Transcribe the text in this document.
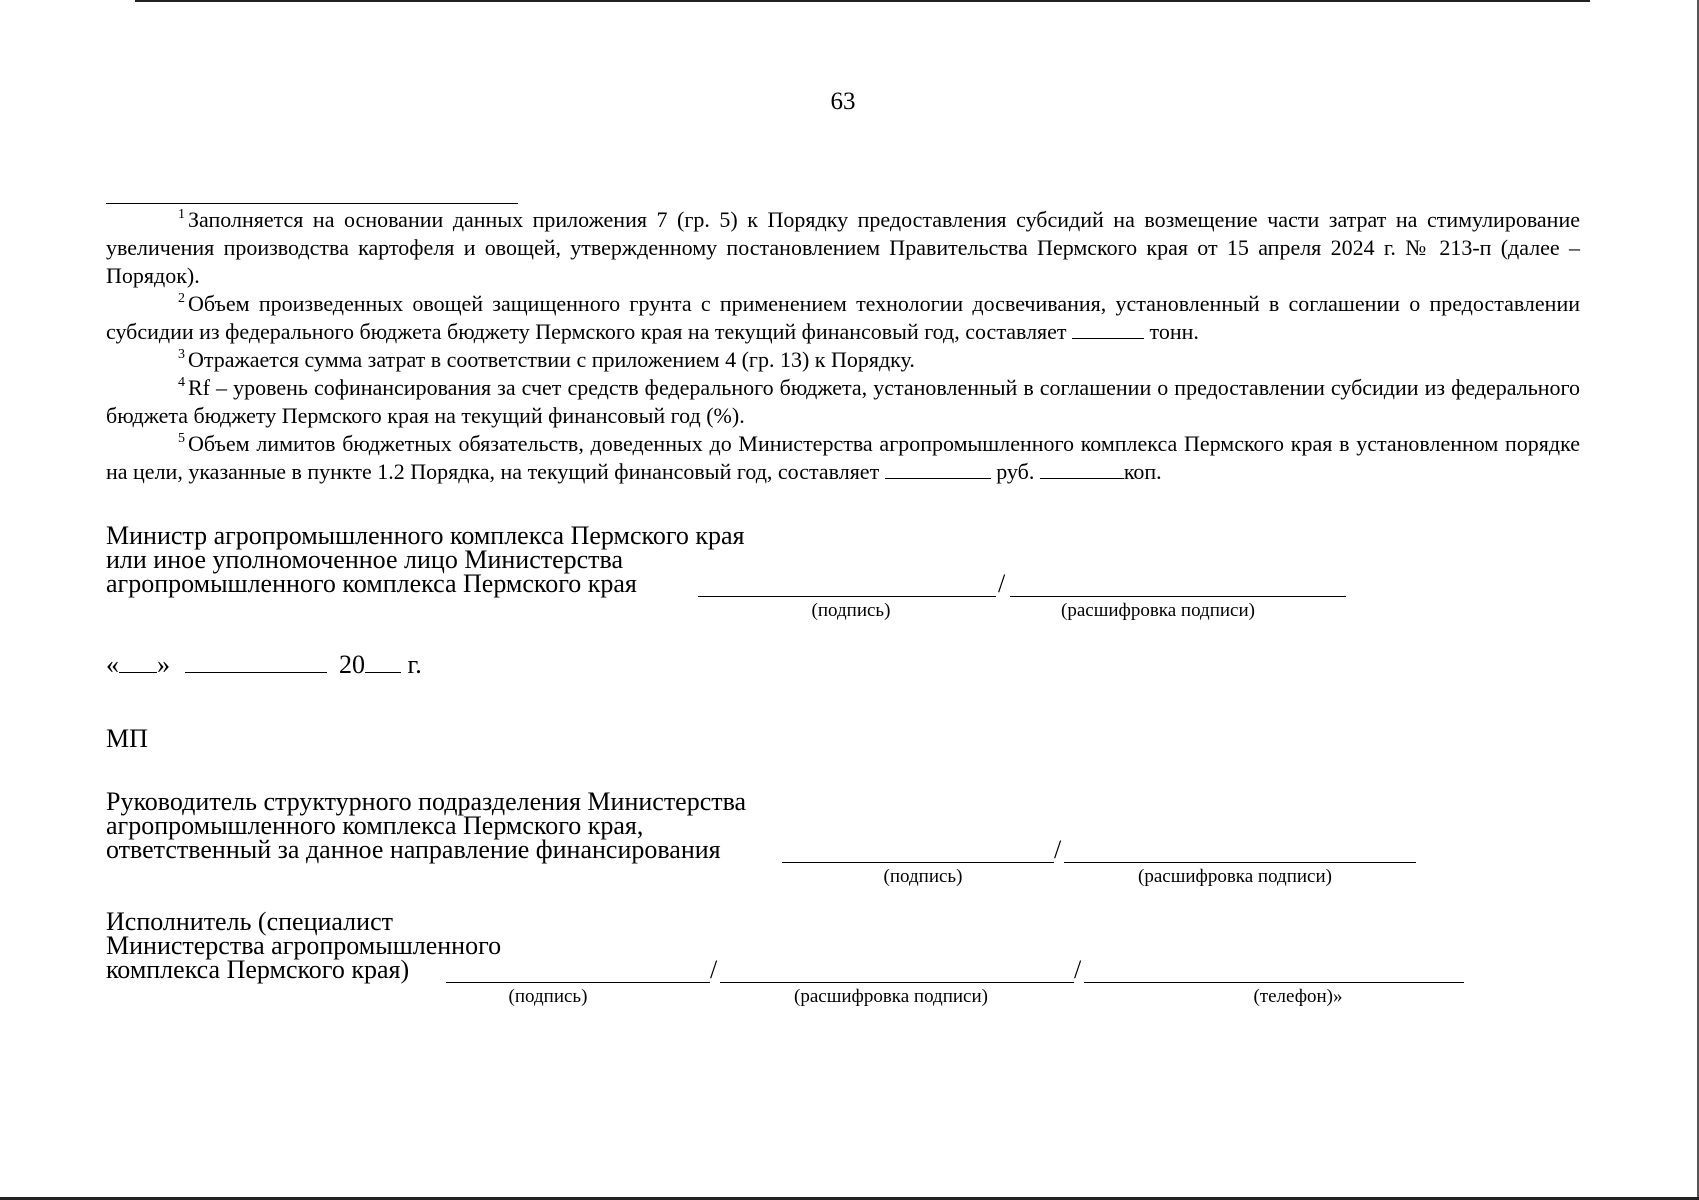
63

$^1$ Заполняется на основании данных приложения 7 (гр. 5) к Порядку предоставления субсидий на возмещение части затрат на стимулирование увеличения производства картофеля и овощей, утвержденному постановлением Правительства Пермского края от 15 апреля 2024 г. № 213-п (далее – Порядок).

$^2$ Объем произведенных овощей защищенного грунта с применением технологии досвечивания, установленный в соглашении о предоставлении субсидии из федерального бюджета бюджету Пермского края на текущий финансовый год, составляет	тонн.

$^3$ Отражается сумма затрат в соответствии с приложением 4 (гр. 13) к Порядку.

$^4$ Rf – уровень софинансирования за счет средств федерального бюджета, установленный в соглашении о предоставлении субсидии из федерального бюджета бюджету Пермского края на текущий финансовый год (%).

$^5$ Объем лимитов бюджетных обязательств, доведенных до Министерства агропромышленного комплекса Пермского края в установленном порядке на цели, указанные в пункте 1.2 Порядка, на текущий финансовый год, составляет	руб.	коп.

Министр агропромышленного комплекса Пермского края
или иное уполномоченное лицо Министерства
агропромышленного комплекса Пермского края	/
(подпись)	(расшифровка подписи)
« »	20 г.
МП
Руководитель структурного подразделения Министерства
агропромышленного комплекса Пермского края,
ответственный за данное направление финансирования	/
(подпись)	(расшифровка подписи)
Исполнитель (специалист
Министерства агропромышленного
комплекса Пермского края)	/	/
(подпись)	(расшифровка подписи)	(телефон)»
